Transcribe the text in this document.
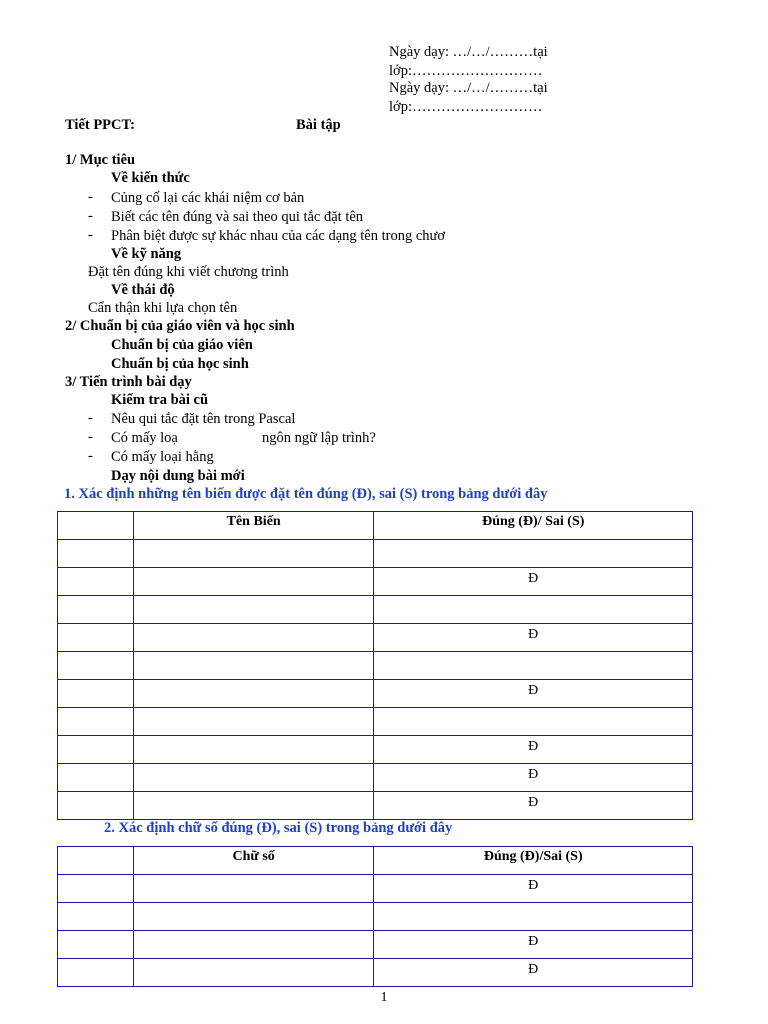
Ngày dạy: …/…/………tại
lớp:………………………
Ngày dạy: …/…/………tại
lớp:………………………
Tiết PPCT:	Bài tập
1/ Mục tiêu
Về kiến thức
- Củng cố lại các khái niệm cơ bản
- Biết các tên đúng và sai theo qui tắc đặt tên
- Phân biệt được sự khác nhau của các dạng tên trong chươ
Về kỹ năng
Đặt tên đúng khi viết chương trình
Về thái độ
Cẩn thận khi lựa chọn tên
2/ Chuẩn bị của giáo viên và học sinh
Chuẩn bị của giáo viên
Chuẩn bị của học sinh
3/ Tiến trình bài dạy
Kiểm tra bài cũ
- Nêu qui tắc đặt tên trong Pascal
- Có mấy loạ	ngôn ngữ lập trình?
- Có mấy loại hằng
Dạy nội dung bài mới
1. Xác định những tên biến được đặt tên đúng (Đ), sai (S) trong bảng dưới đây
	Tên Biến	Đúng (Đ)/ Sai (S)

		Đ

		Đ

		Đ

		Đ
		Đ
		Đ
2. Xác định chữ số đúng (Đ), sai (S) trong bảng dưới đây
	Chữ số	Đúng (Đ)/Sai (S)
		Đ

		Đ
		Đ
1
